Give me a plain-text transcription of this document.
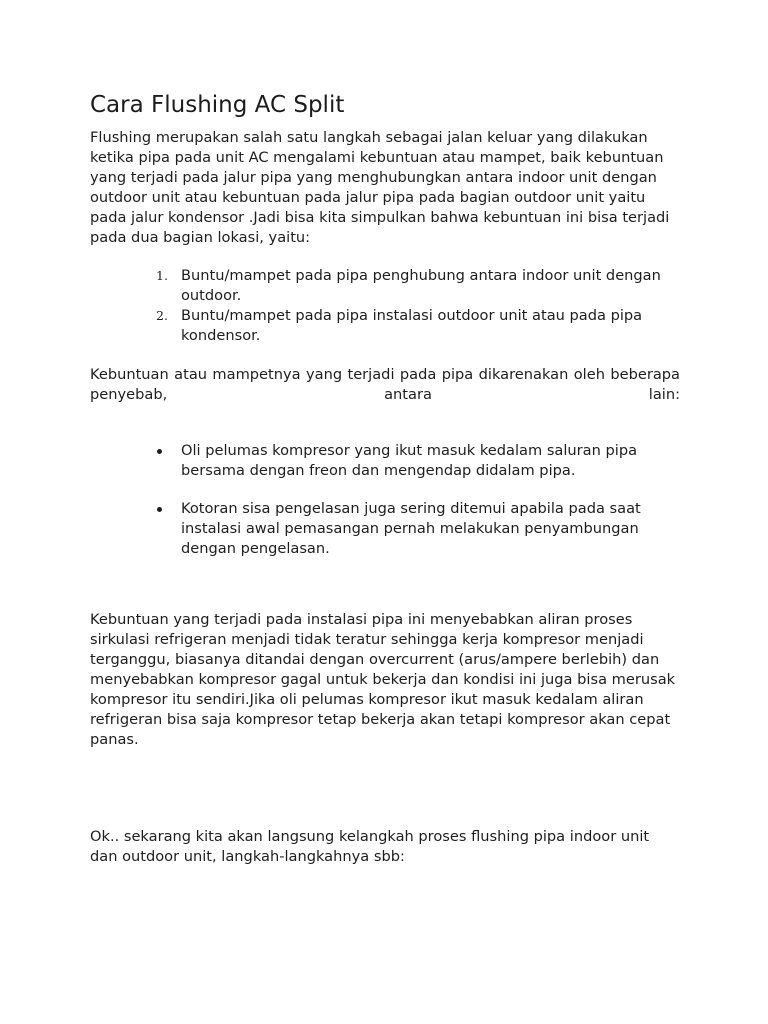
Cara Flushing AC Split

Flushing merupakan salah satu langkah sebagai jalan keluar yang dilakukan ketika pipa pada unit AC mengalami kebuntuan atau mampet, baik kebuntuan yang terjadi pada jalur pipa yang menghubungkan antara indoor unit dengan outdoor unit atau kebuntuan pada jalur pipa pada bagian outdoor unit yaitu pada jalur kondensor .Jadi bisa kita simpulkan bahwa kebuntuan ini bisa terjadi pada dua bagian lokasi, yaitu:

1. Buntu/mampet pada pipa penghubung antara indoor unit dengan outdoor.
2. Buntu/mampet pada pipa instalasi outdoor unit atau pada pipa kondensor.

Kebuntuan atau mampetnya yang terjadi pada pipa dikarenakan oleh beberapa penyebab, antara lain:

Oli pelumas kompresor yang ikut masuk kedalam saluran pipa bersama dengan freon dan mengendap didalam pipa.
Kotoran sisa pengelasan juga sering ditemui apabila pada saat instalasi awal pemasangan pernah melakukan penyambungan dengan pengelasan.

Kebuntuan yang terjadi pada instalasi pipa ini menyebabkan aliran proses sirkulasi refrigeran menjadi tidak teratur sehingga kerja kompresor menjadi terganggu, biasanya ditandai dengan overcurrent (arus/ampere berlebih) dan menyebabkan kompresor gagal untuk bekerja dan kondisi ini juga bisa merusak kompresor itu sendiri.Jika oli pelumas kompresor ikut masuk kedalam aliran refrigeran bisa saja kompresor tetap bekerja akan tetapi kompresor akan cepat panas.

Ok.. sekarang kita akan langsung kelangkah proses flushing pipa indoor unit dan outdoor unit, langkah-langkahnya sbb:
